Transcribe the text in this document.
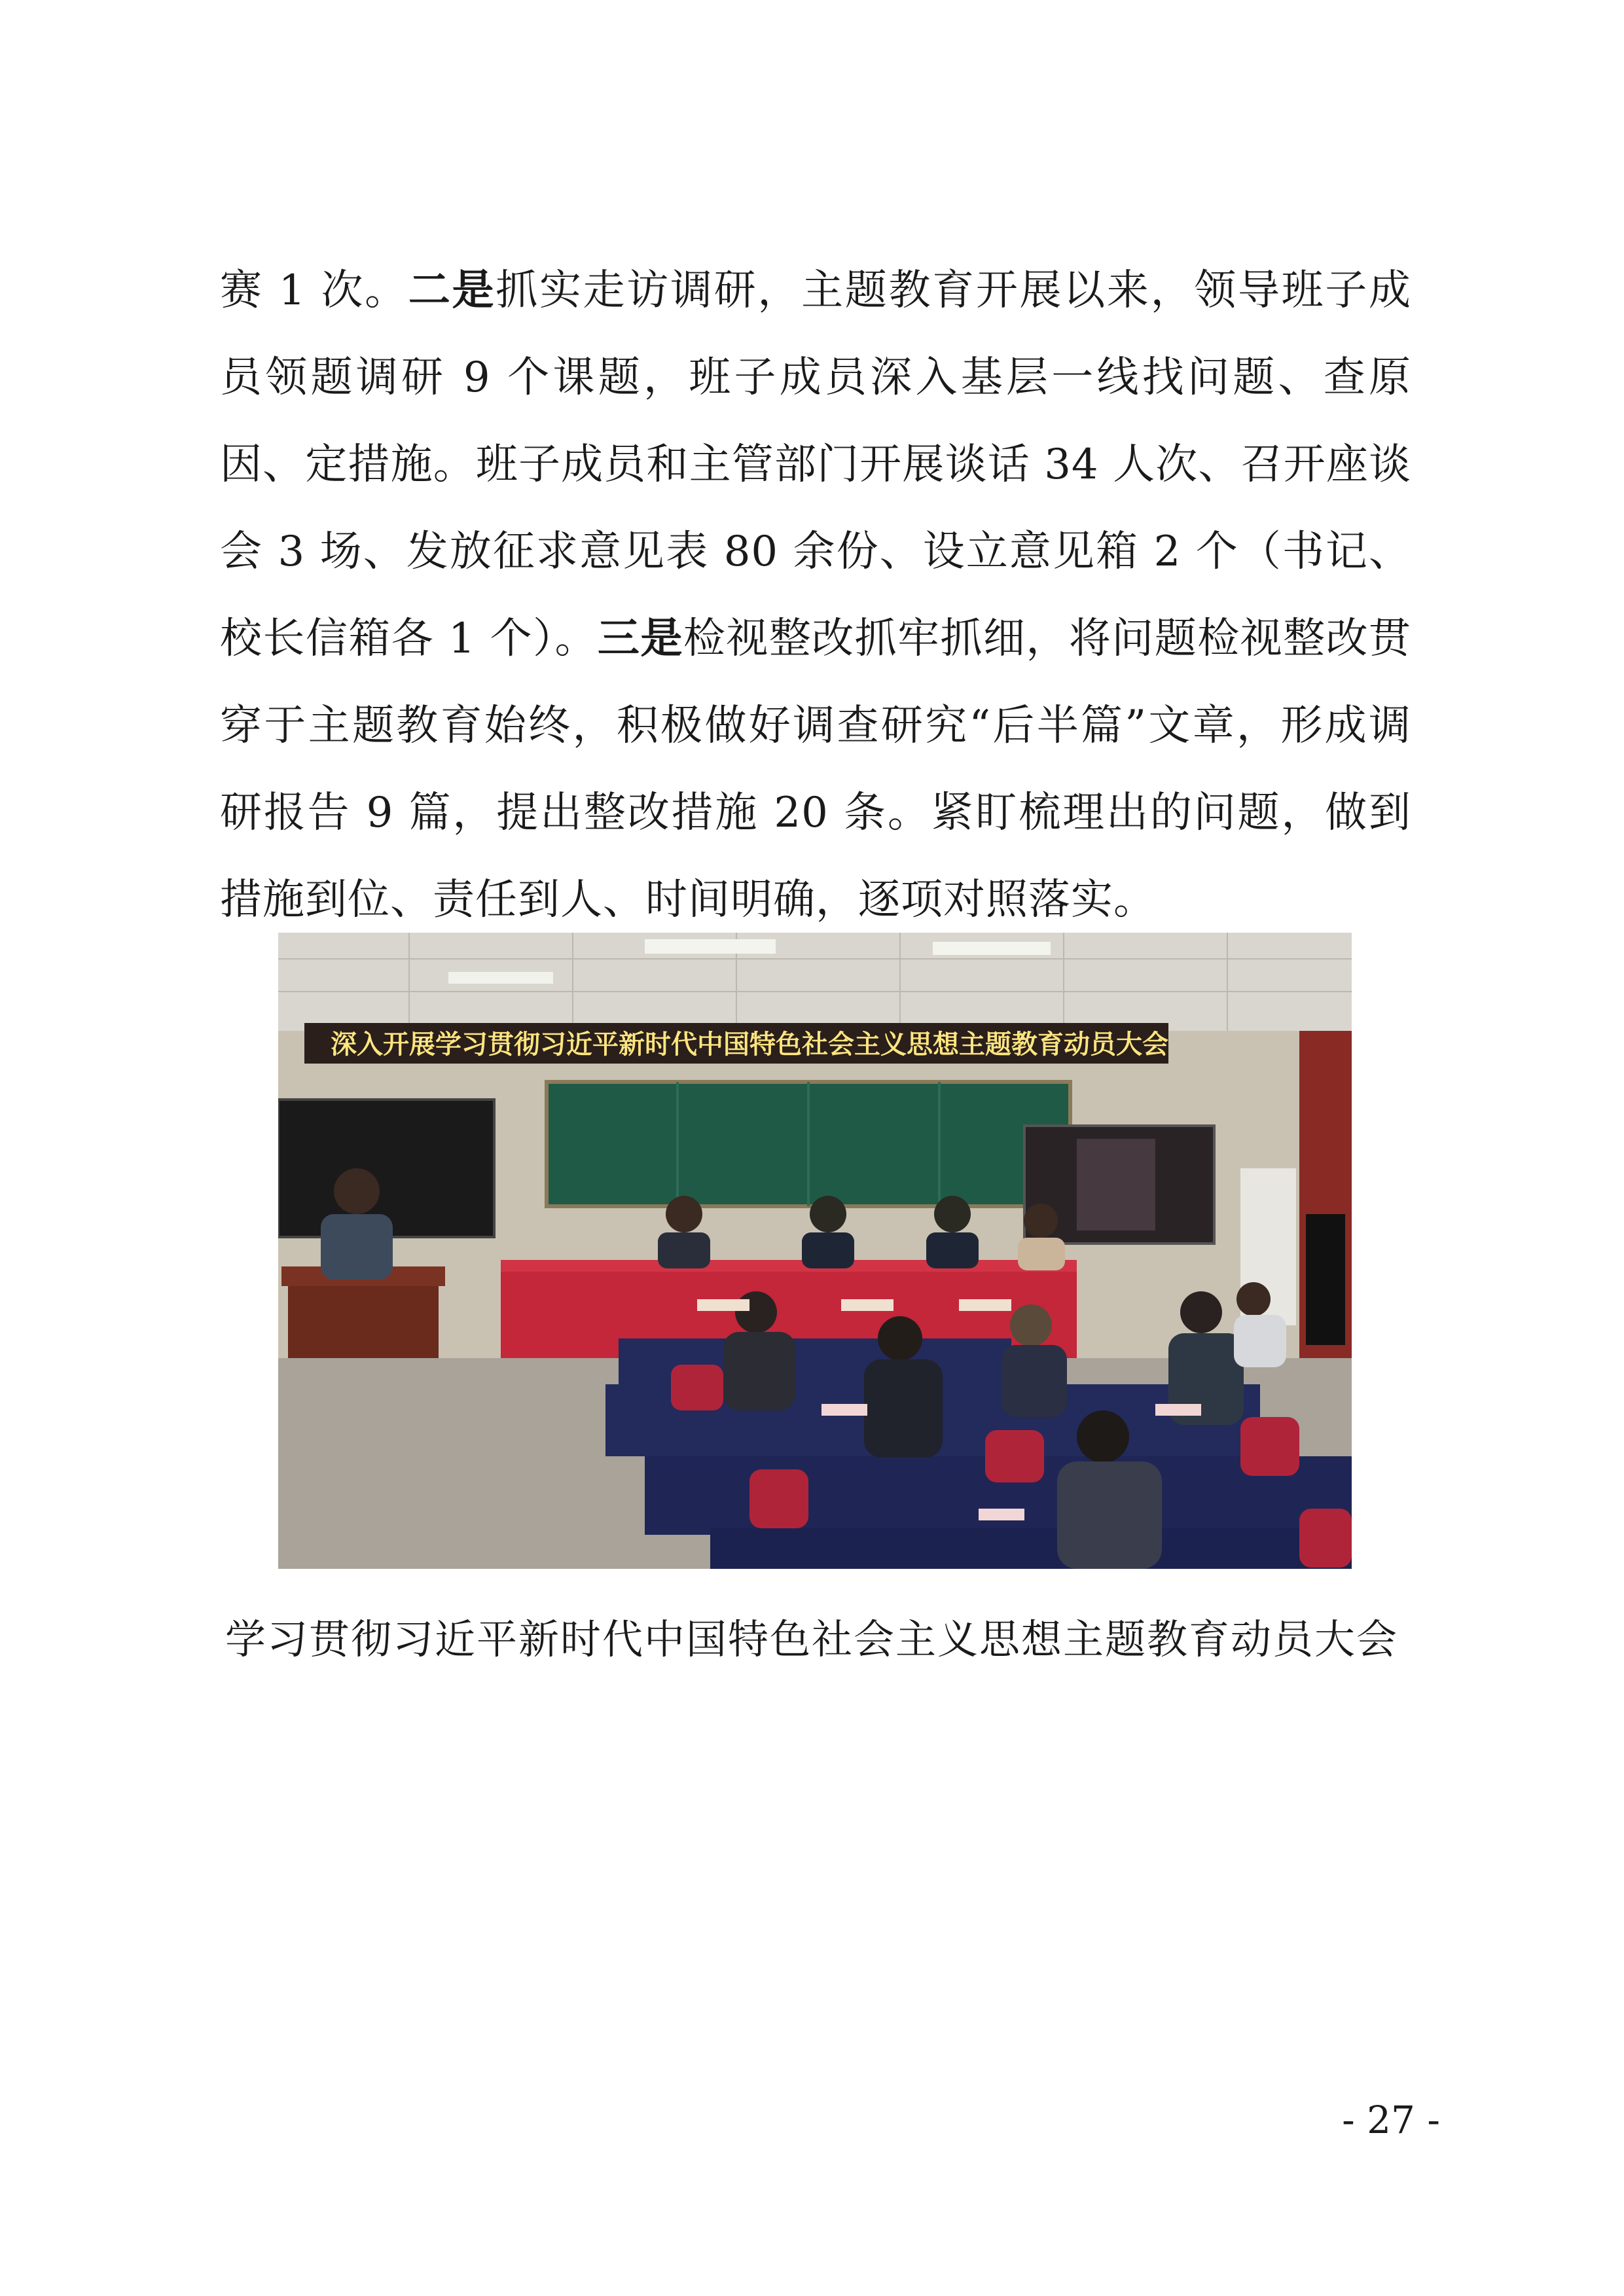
赛 1 次。二是抓实走访调研，主题教育开展以来，领导班子成员领题调研 9 个课题，班子成员深入基层一线找问题、查原因、定措施。班子成员和主管部门开展谈话 34 人次、召开座谈会 3 场、发放征求意见表 80 余份、设立意见箱 2 个（书记、校长信箱各 1 个）。三是检视整改抓牢抓细，将问题检视整改贯穿于主题教育始终，积极做好调查研究“后半篇”文章，形成调研报告 9 篇，提出整改措施 20 条。紧盯梳理出的问题，做到措施到位、责任到人、时间明确，逐项对照落实。
深入开展学习贯彻习近平新时代中国特色社会主义思想主题教育动员大会
学习贯彻习近平新时代中国特色社会主义思想主题教育动员大会
- 27 -
